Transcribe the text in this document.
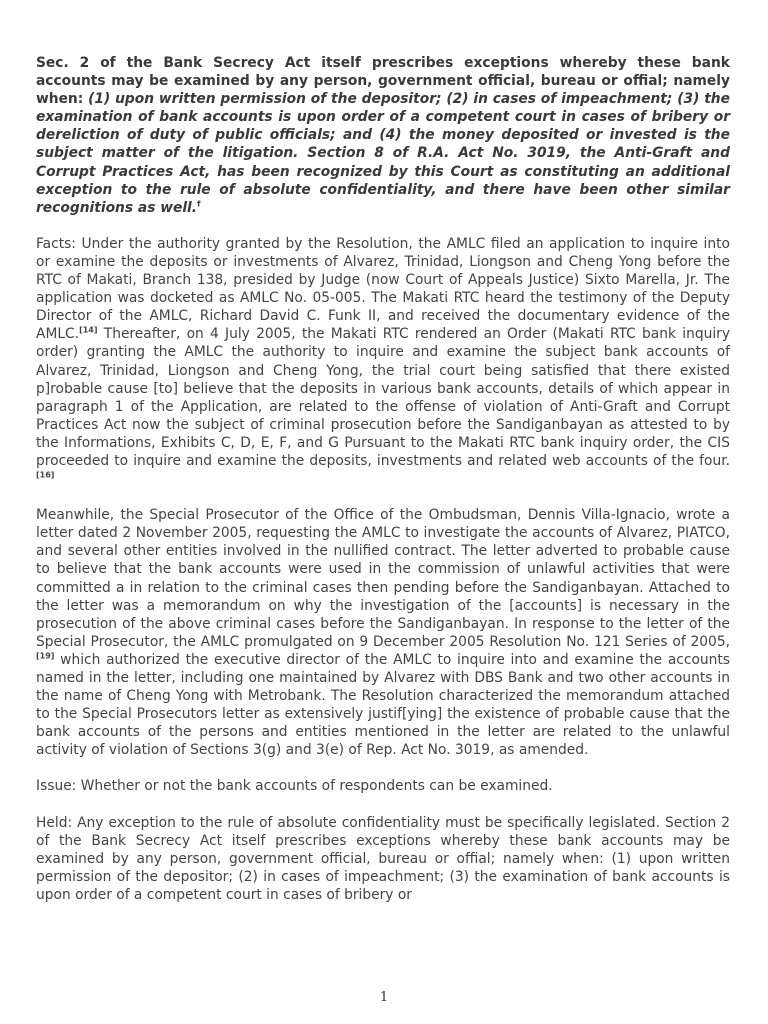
Sec. 2 of the Bank Secrecy Act itself prescribes exceptions whereby these bank accounts may be examined by any person, government official, bureau or offial; namely when: (1) upon written permission of the depositor; (2) in cases of impeachment; (3) the examination of bank accounts is upon order of a competent court in cases of bribery or dereliction of duty of public officials; and (4) the money deposited or invested is the subject matter of the litigation. Section 8 of R.A. Act No. 3019, the Anti-Graft and Corrupt Practices Act, has been recognized by this Court as constituting an additional exception to the rule of absolute confidentiality, and there have been other similar recognitions as well.$^f$

Facts: Under the authority granted by the Resolution, the AMLC filed an application to inquire into or examine the deposits or investments of Alvarez, Trinidad, Liongson and Cheng Yong before the RTC of Makati, Branch 138, presided by Judge (now Court of Appeals Justice) Sixto Marella, Jr. The application was docketed as AMLC No. 05-005. The Makati RTC heard the testimony of the Deputy Director of the AMLC, Richard David C. Funk II, and received the documentary evidence of the AMLC.[14] Thereafter, on 4 July 2005, the Makati RTC rendered an Order (Makati RTC bank inquiry order) granting the AMLC the authority to inquire and examine the subject bank accounts of Alvarez, Trinidad, Liongson and Cheng Yong, the trial court being satisfied that there existed p]robable cause [to] believe that the deposits in various bank accounts, details of which appear in paragraph 1 of the Application, are related to the offense of violation of Anti-Graft and Corrupt Practices Act now the subject of criminal prosecution before the Sandiganbayan as attested to by the Informations, Exhibits C, D, E, F, and G Pursuant to the Makati RTC bank inquiry order, the CIS proceeded to inquire and examine the deposits, investments and related web accounts of the four.[16]

Meanwhile, the Special Prosecutor of the Office of the Ombudsman, Dennis Villa-Ignacio, wrote a letter dated 2 November 2005, requesting the AMLC to investigate the accounts of Alvarez, PIATCO, and several other entities involved in the nullified contract. The letter adverted to probable cause to believe that the bank accounts were used in the commission of unlawful activities that were committed a in relation to the criminal cases then pending before the Sandiganbayan. Attached to the letter was a memorandum on why the investigation of the [accounts] is necessary in the prosecution of the above criminal cases before the Sandiganbayan. In response to the letter of the Special Prosecutor, the AMLC promulgated on 9 December 2005 Resolution No. 121 Series of 2005,[19] which authorized the executive director of the AMLC to inquire into and examine the accounts named in the letter, including one maintained by Alvarez with DBS Bank and two other accounts in the name of Cheng Yong with Metrobank. The Resolution characterized the memorandum attached to the Special Prosecutors letter as extensively justif[ying] the existence of probable cause that the bank accounts of the persons and entities mentioned in the letter are related to the unlawful activity of violation of Sections 3(g) and 3(e) of Rep. Act No. 3019, as amended.

Issue: Whether or not the bank accounts of respondents can be examined.

Held: Any exception to the rule of absolute confidentiality must be specifically legislated. Section 2 of the Bank Secrecy Act itself prescribes exceptions whereby these bank accounts may be examined by any person, government official, bureau or offial; namely when: (1) upon written permission of the depositor; (2) in cases of impeachment; (3) the examination of bank accounts is upon order of a competent court in cases of bribery or

1
